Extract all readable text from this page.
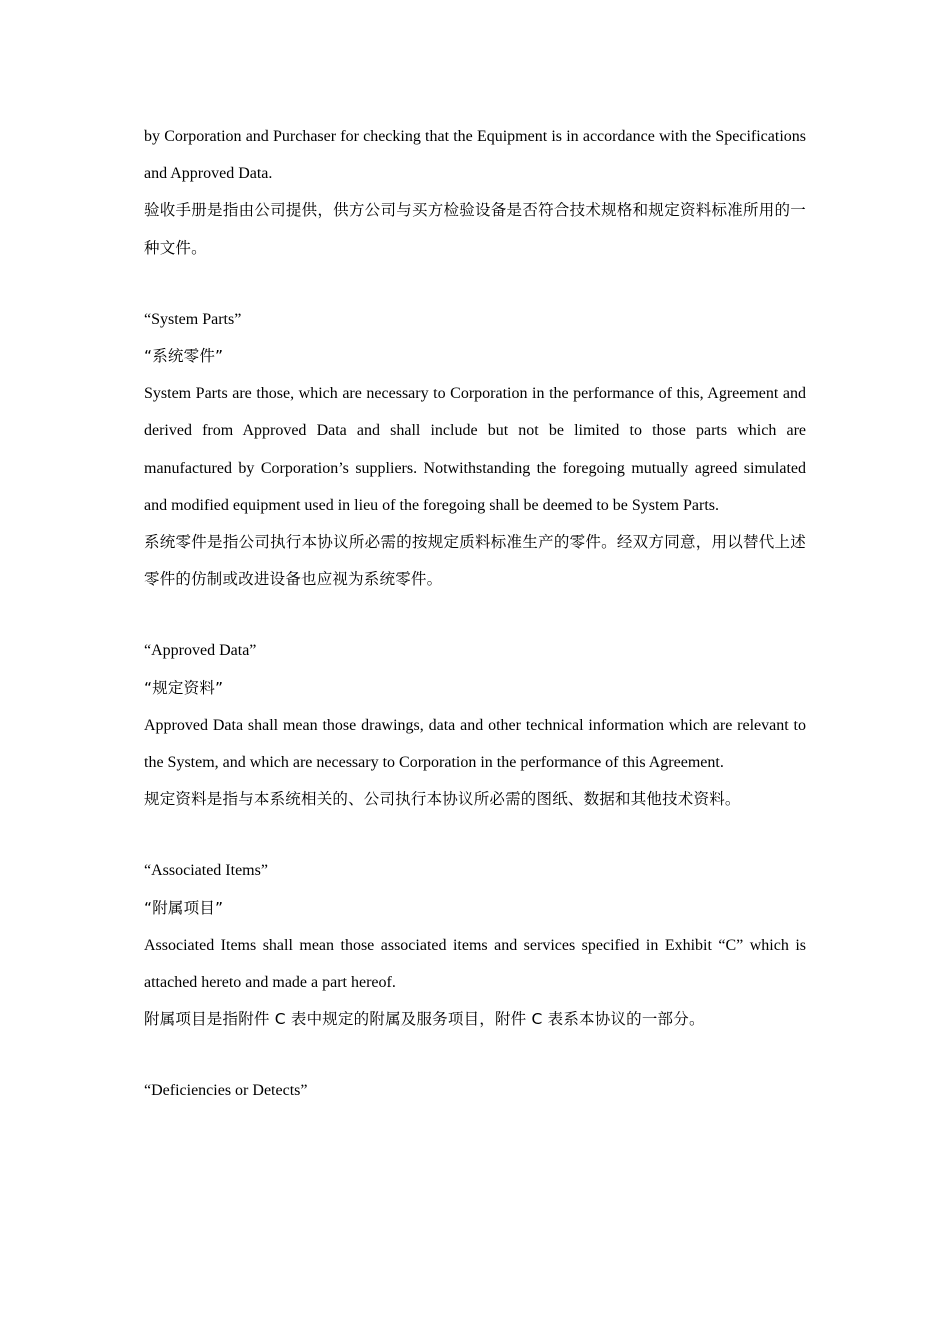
by Corporation and Purchaser for checking that the Equipment is in accordance with the Specifications and Approved Data.

验收手册是指由公司提供，供方公司与买方检验设备是否符合技术规格和规定资料标准所用的一种文件。

“System Parts”

“系统零件”

System Parts are those, which are necessary to Corporation in the performance of this, Agreement and derived from Approved Data and shall include but not be limited to those parts which are manufactured by Corporation’s suppliers. Notwithstanding the foregoing mutually agreed simulated and modified equipment used in lieu of the foregoing shall be deemed to be System Parts.

系统零件是指公司执行本协议所必需的按规定质料标准生产的零件。经双方同意，用以替代上述零件的仿制或改进设备也应视为系统零件。

“Approved Data”

“规定资料”

Approved Data shall mean those drawings, data and other technical information which are relevant to the System, and which are necessary to Corporation in the performance of this Agreement.

规定资料是指与本系统相关的、公司执行本协议所必需的图纸、数据和其他技术资料。

“Associated Items”

“附属项目”

Associated Items shall mean those associated items and services specified in Exhibit “C” which is attached hereto and made a part hereof.

附属项目是指附件 C 表中规定的附属及服务项目，附件 C 表系本协议的一部分。

“Deficiencies or Detects”
